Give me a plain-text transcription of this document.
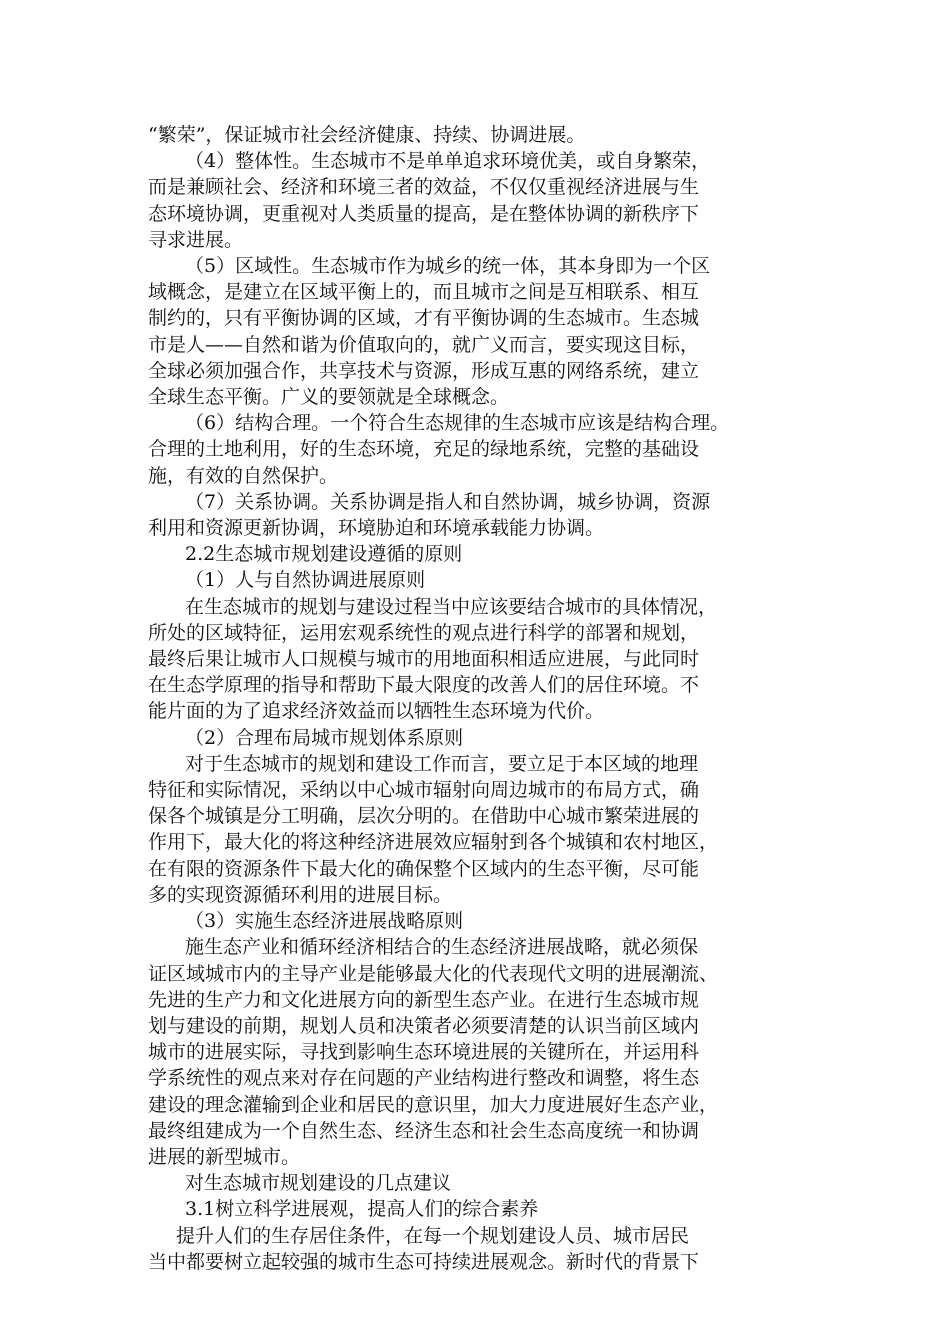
“繁荣”，保证城市社会经济健康、持续、协调进展。

（4）整体性。生态城市不是单单追求环境优美，或自身繁荣，

而是兼顾社会、经济和环境三者的效益，不仅仅重视经济进展与生

态环境协调，更重视对人类质量的提高，是在整体协调的新秩序下

寻求进展。

（5）区域性。生态城市作为城乡的统一体，其本身即为一个区

域概念，是建立在区域平衡上的，而且城市之间是互相联系、相互

制约的，只有平衡协调的区域，才有平衡协调的生态城市。生态城

市是人——自然和谐为价值取向的，就广义而言，要实现这目标，

全球必须加强合作，共享技术与资源，形成互惠的网络系统，建立

全球生态平衡。广义的要领就是全球概念。

（6）结构合理。一个符合生态规律的生态城市应该是结构合理。

合理的土地利用，好的生态环境，充足的绿地系统，完整的基础设

施，有效的自然保护。

（7）关系协调。关系协调是指人和自然协调，城乡协调，资源

利用和资源更新协调，环境胁迫和环境承载能力协调。

2.2生态城市规划建设遵循的原则

（1）人与自然协调进展原则

在生态城市的规划与建设过程当中应该要结合城市的具体情况，

所处的区域特征，运用宏观系统性的观点进行科学的部署和规划，

最终后果让城市人口规模与城市的用地面积相适应进展，与此同时

在生态学原理的指导和帮助下最大限度的改善人们的居住环境。不

能片面的为了追求经济效益而以牺牲生态环境为代价。

（2）合理布局城市规划体系原则

对于生态城市的规划和建设工作而言，要立足于本区域的地理

特征和实际情况，采纳以中心城市辐射向周边城市的布局方式，确

保各个城镇是分工明确，层次分明的。在借助中心城市繁荣进展的

作用下，最大化的将这种经济进展效应辐射到各个城镇和农村地区，

在有限的资源条件下最大化的确保整个区域内的生态平衡，尽可能

多的实现资源循环利用的进展目标。

（3）实施生态经济进展战略原则

施生态产业和循环经济相结合的生态经济进展战略，就必须保

证区域城市内的主导产业是能够最大化的代表现代文明的进展潮流、

先进的生产力和文化进展方向的新型生态产业。在进行生态城市规

划与建设的前期，规划人员和决策者必须要清楚的认识当前区域内

城市的进展实际，寻找到影响生态环境进展的关键所在，并运用科

学系统性的观点来对存在问题的产业结构进行整改和调整，将生态

建设的理念灌输到企业和居民的意识里，加大力度进展好生态产业，

最终组建成为一个自然生态、经济生态和社会生态高度统一和协调

进展的新型城市。

对生态城市规划建设的几点建议

3.1树立科学进展观，提高人们的综合素养

提升人们的生存居住条件，在每一个规划建设人员、城市居民

当中都要树立起较强的城市生态可持续进展观念。新时代的背景下
